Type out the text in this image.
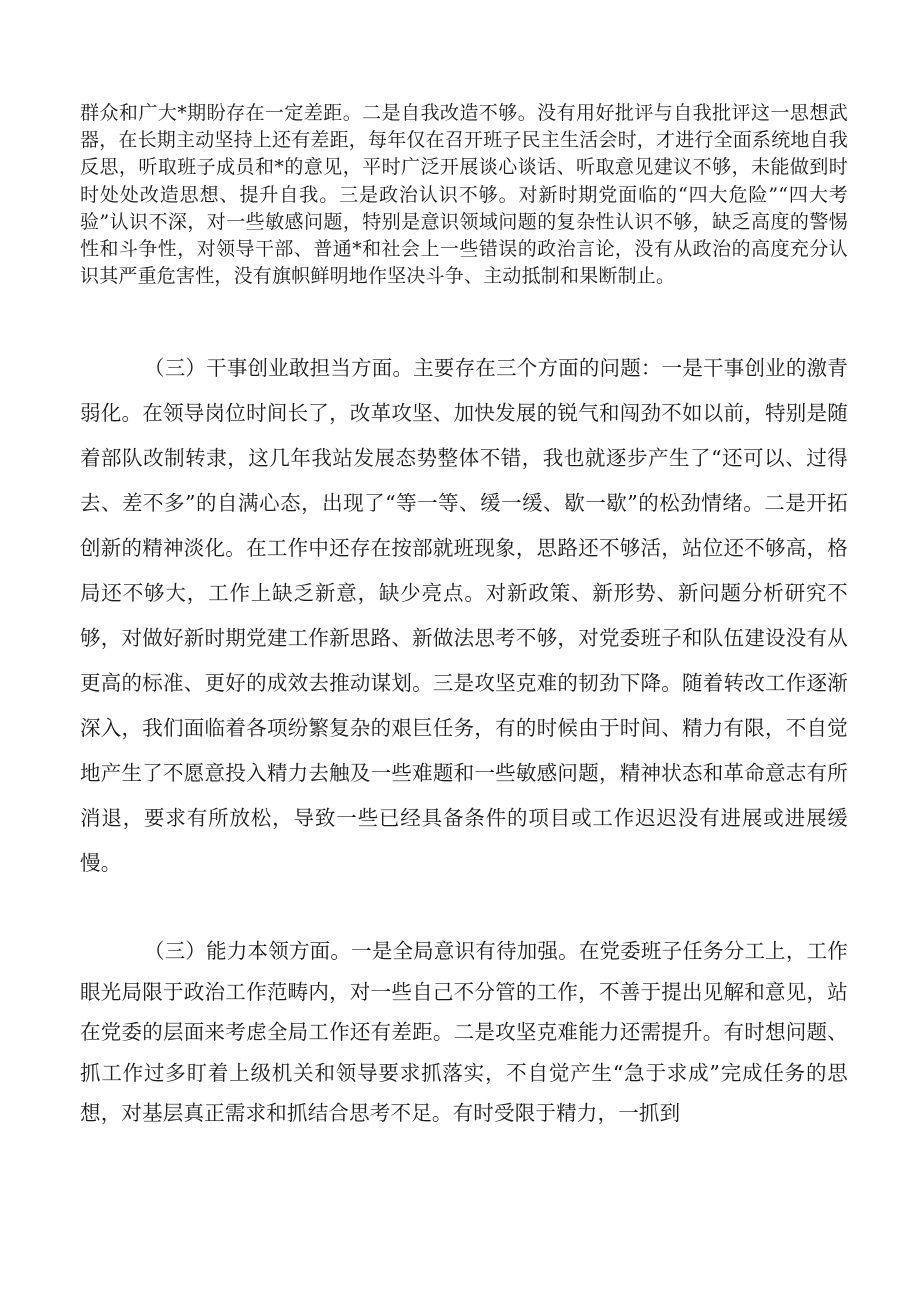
群众和广大*期盼存在一定差距。二是自我改造不够。没有用好批评与自我批评这一思想武器，在长期主动坚持上还有差距，每年仅在召开班子民主生活会时，才进行全面系统地自我反思，听取班子成员和*的意见，平时广泛开展谈心谈话、听取意见建议不够，未能做到时时处处改造思想、提升自我。三是政治认识不够。对新时期党面临的“四大危险”“四大考验”认识不深，对一些敏感问题，特别是意识领域问题的复杂性认识不够，缺乏高度的警惕性和斗争性，对领导干部、普通*和社会上一些错误的政治言论，没有从政治的高度充分认识其严重危害性，没有旗帜鲜明地作坚决斗争、主动抵制和果断制止。

（三）干事创业敢担当方面。主要存在三个方面的问题：一是干事创业的激青弱化。在领导岗位时间长了，改革攻坚、加快发展的锐气和闯劲不如以前，特别是随着部队改制转隶，这几年我站发展态势整体不错，我也就逐步产生了“还可以、过得去、差不多”的自满心态，出现了“等一等、缓一缓、歇一歇”的松劲情绪。二是开拓创新的精神淡化。在工作中还存在按部就班现象，思路还不够活，站位还不够高，格局还不够大，工作上缺乏新意，缺少亮点。对新政策、新形势、新问题分析研究不够，对做好新时期党建工作新思路、新做法思考不够，对党委班子和队伍建设没有从更高的标准、更好的成效去推动谋划。三是攻坚克难的韧劲下降。随着转改工作逐渐深入，我们面临着各项纷繁复杂的艰巨任务，有的时候由于时间、精力有限，不自觉地产生了不愿意投入精力去触及一些难题和一些敏感问题，精神状态和革命意志有所消退，要求有所放松，导致一些已经具备条件的项目或工作迟迟没有进展或进展缓慢。

（三）能力本领方面。一是全局意识有待加强。在党委班子任务分工上，工作眼光局限于政治工作范畴内，对一些自己不分管的工作，不善于提出见解和意见，站在党委的层面来考虑全局工作还有差距。二是攻坚克难能力还需提升。有时想问题、抓工作过多盯着上级机关和领导要求抓落实，不自觉产生“急于求成”完成任务的思想，对基层真正需求和抓结合思考不足。有时受限于精力，一抓到
